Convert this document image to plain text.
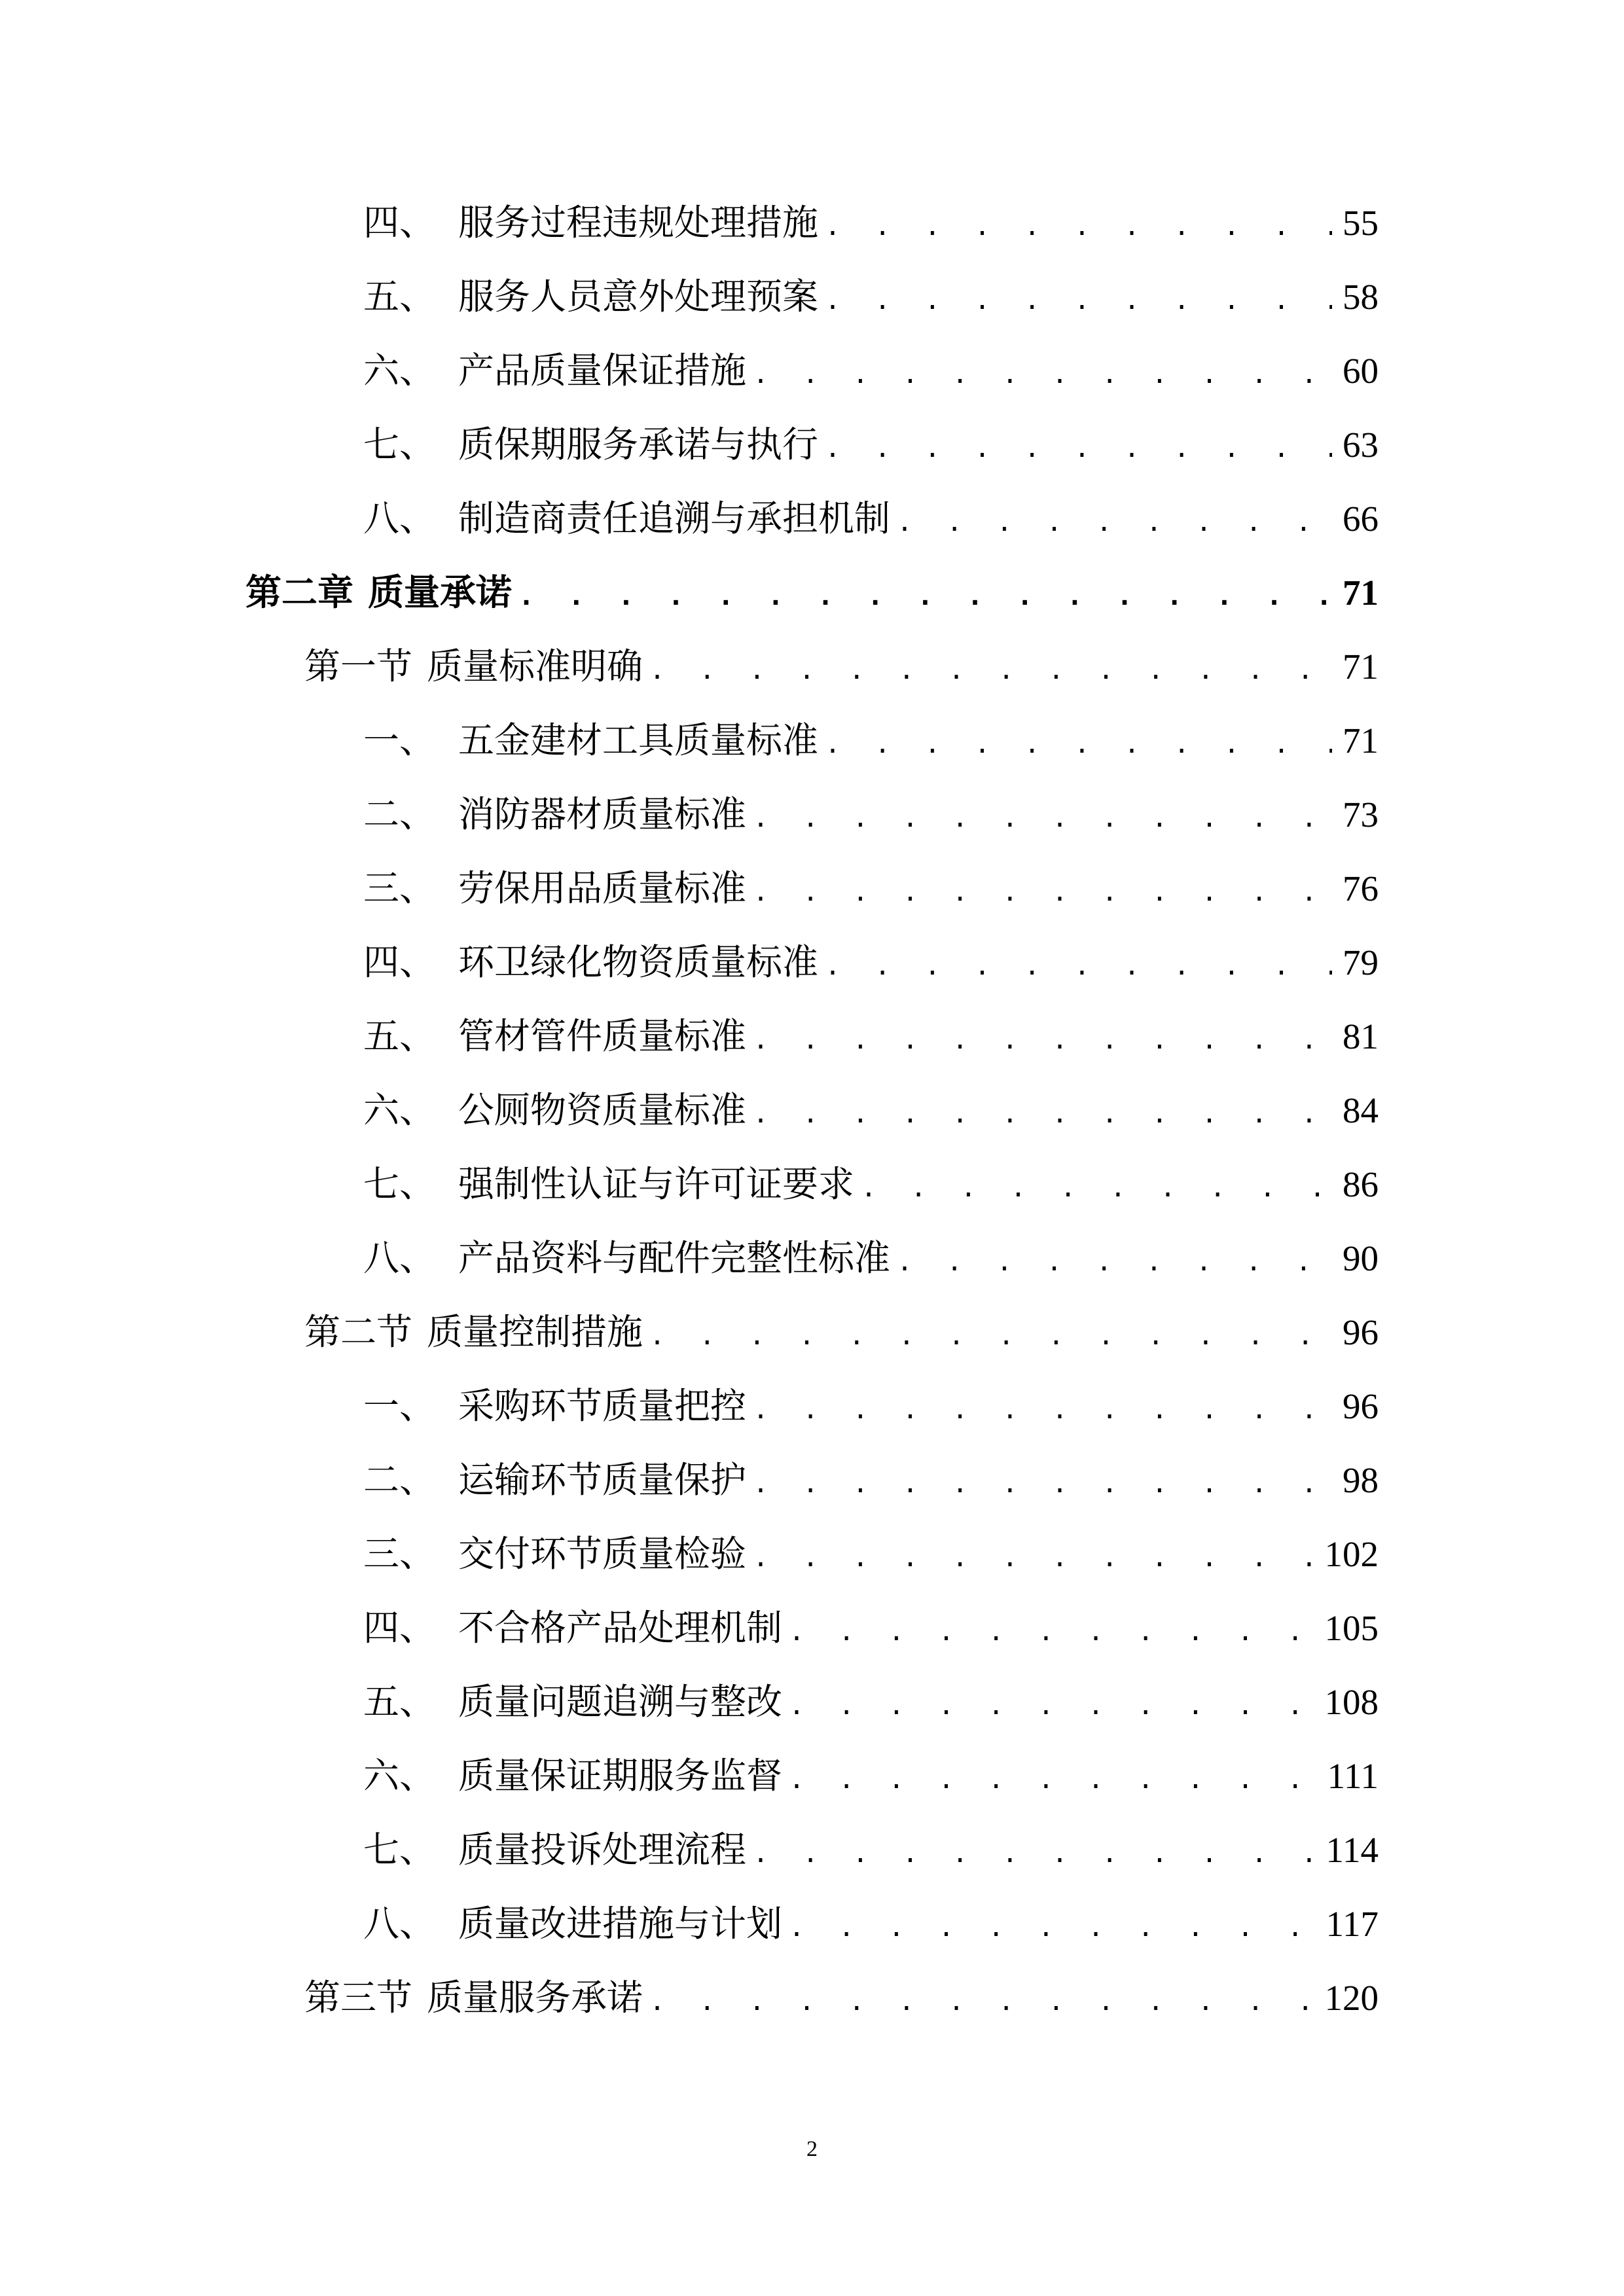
四、 服务过程违规处理措施 . . .	55
五、 服务人员意外处理预案 . . .	58
六、 产品质量保证措施 . . .	60
七、 质保期服务承诺与执行 . . .	63
八、 制造商责任追溯与承担机制 . . .	66
第二章 质量承诺 . . .	71
第一节 质量标准明确 . . .	71
一、 五金建材工具质量标准 . . .	71
二、 消防器材质量标准 . . .	73
三、 劳保用品质量标准 . . .	76
四、 环卫绿化物资质量标准 . . .	79
五、 管材管件质量标准 . . .	81
六、 公厕物资质量标准 . . .	84
七、 强制性认证与许可证要求 . . .	86
八、 产品资料与配件完整性标准 . . .	90
第二节 质量控制措施 . . .	96
一、 采购环节质量把控 . . .	96
二、 运输环节质量保护 . . .	98
三、 交付环节质量检验 . . .	102
四、 不合格产品处理机制 . . .	105
五、 质量问题追溯与整改 . . .	108
六、 质量保证期服务监督 . . .	111
七、 质量投诉处理流程 . . .	114
八、 质量改进措施与计划 . . .	117
第三节 质量服务承诺 . . .	120
2
